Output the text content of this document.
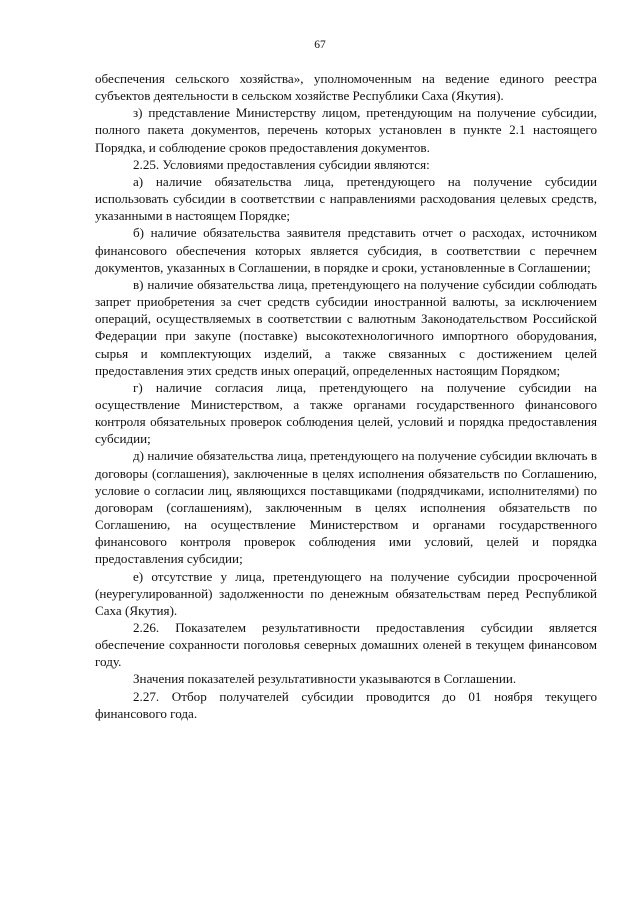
67

обеспечения сельского хозяйства», уполномоченным на ведение единого реестра субъектов деятельности в сельском хозяйстве Республики Саха (Якутия).

з) представление Министерству лицом, претендующим на получение субсидии, полного пакета документов, перечень которых установлен в пункте 2.1 настоящего Порядка, и соблюдение сроков предоставления документов.

2.25. Условиями предоставления субсидии являются:

а) наличие обязательства лица, претендующего на получение субсидии использовать субсидии в соответствии с направлениями расходования целевых средств, указанными в настоящем Порядке;

б) наличие обязательства заявителя представить отчет о расходах, источником финансового обеспечения которых является субсидия, в соответствии с перечнем документов, указанных в Соглашении, в порядке и сроки, установленные в Соглашении;

в) наличие обязательства лица, претендующего на получение субсидии соблюдать запрет приобретения за счет средств субсидии иностранной валюты, за исключением операций, осуществляемых в соответствии с валютным Законодательством Российской Федерации при закупе (поставке) высокотехнологичного импортного оборудования, сырья и комплектующих изделий, а также связанных с достижением целей предоставления этих средств иных операций, определенных настоящим Порядком;

г) наличие согласия лица, претендующего на получение субсидии на осуществление Министерством, а также органами государственного финансового контроля обязательных проверок соблюдения целей, условий и порядка предоставления субсидии;

д) наличие обязательства лица, претендующего на получение субсидии включать в договоры (соглашения), заключенные в целях исполнения обязательств по Соглашению, условие о согласии лиц, являющихся поставщиками (подрядчиками, исполнителями) по договорам (соглашениям), заключенным в целях исполнения обязательств по Соглашению, на осуществление Министерством и органами государственного финансового контроля проверок соблюдения ими условий, целей и порядка предоставления субсидии;

е) отсутствие у лица, претендующего на получение субсидии просроченной (неурегулированной) задолженности по денежным обязательствам перед Республикой Саха (Якутия).

2.26. Показателем результативности предоставления субсидии является обеспечение сохранности поголовья северных домашних оленей в текущем финансовом году.

Значения показателей результативности указываются в Соглашении.

2.27. Отбор получателей субсидии проводится до 01 ноября текущего финансового года.
